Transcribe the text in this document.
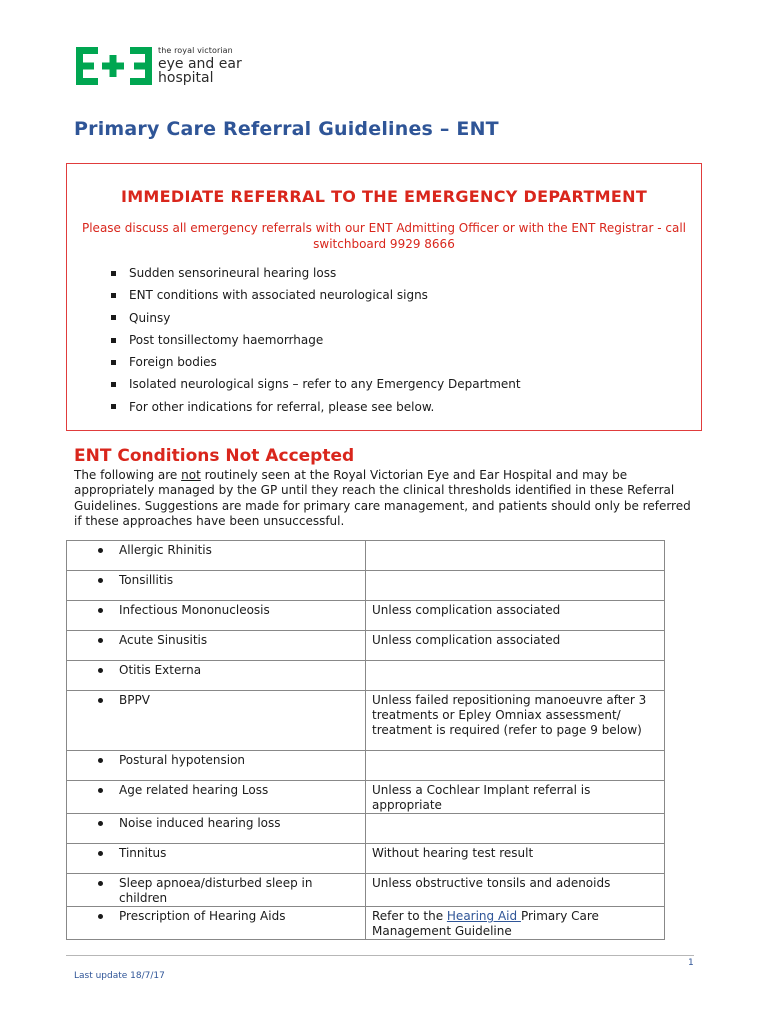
the royal victorian
eye and ear
hospital
Primary Care Referral Guidelines – ENT
IMMEDIATE REFERRAL TO THE EMERGENCY DEPARTMENT
Please discuss all emergency referrals with our ENT Admitting Officer or with the ENT Registrar - call switchboard 9929 8666
Sudden sensorineural hearing loss
ENT conditions with associated neurological signs
Quinsy
Post tonsillectomy haemorrhage
Foreign bodies
Isolated neurological signs – refer to any Emergency Department
For other indications for referral, please see below.
ENT Conditions Not Accepted
The following are not routinely seen at the Royal Victorian Eye and Ear Hospital and may be appropriately managed by the GP until they reach the clinical thresholds identified in these Referral Guidelines. Suggestions are made for primary care management, and patients should only be referred if these approaches have been unsuccessful.
Allergic Rhinitis	

Tonsillitis	

Infectious Mononucleosis	Unless complication associated

Acute Sinusitis	Unless complication associated

Otitis Externa	

BPPV	Unless failed repositioning manoeuvre after 3 treatments or Epley Omniax assessment/ treatment is required (refer to page 9 below)

Postural hypotension	

Age related hearing Loss	Unless a Cochlear Implant referral is appropriate

Noise induced hearing loss	

Tinnitus	Without hearing test result

Sleep apnoea/disturbed sleep in children	Unless obstructive tonsils and adenoids

Prescription of Hearing Aids	Refer to the Hearing Aid Primary Care Management Guideline
1
Last update 18/7/17
